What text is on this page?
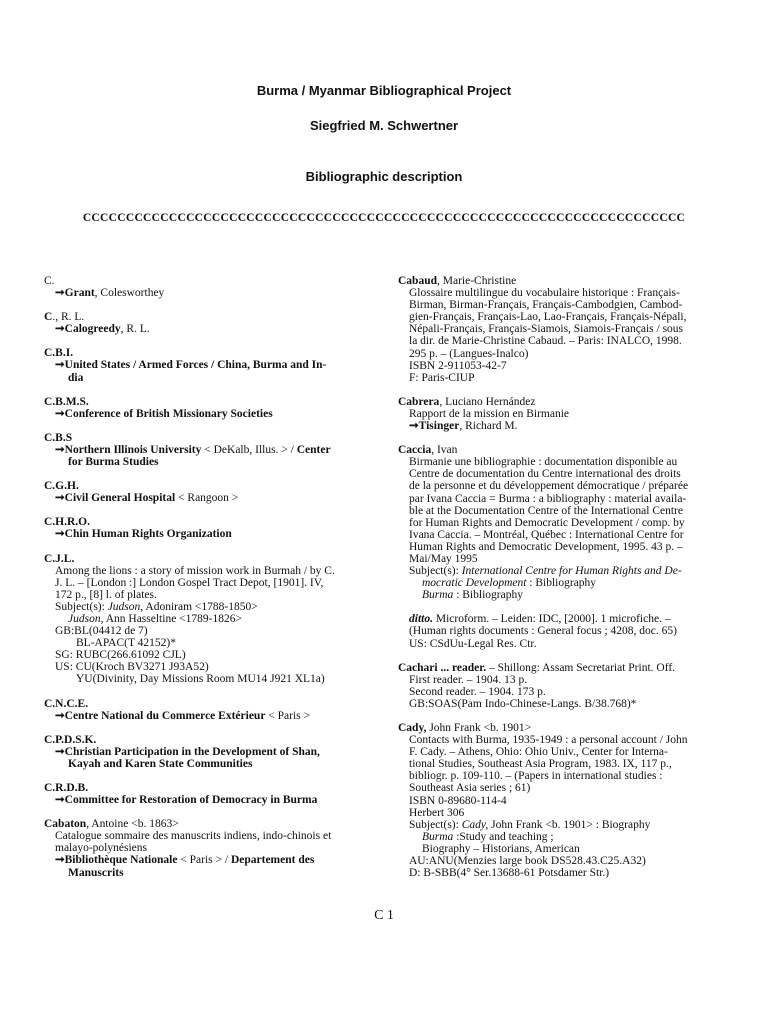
Burma / Myanmar Bibliographical Project
Siegfried M. Schwertner
Bibliographic description
CCCCCCCCCCCCCCCCCCCCCCCCCCCCCCCCCCCCCCCCCCCCCCCCCCCCCCCCCCCCCCCCCCCCCC
C.
➞Grant, Colesworthey
C., R. L.
➞Calogreedy, R. L.
C.B.I.
➞United States / Armed Forces / China, Burma and In-
dia
C.B.M.S.
➞Conference of British Missionary Societies
C.B.S
➞Northern Illinois University < DeKalb, Illus. > / Center
for Burma Studies
C.G.H.
➞Civil General Hospital < Rangoon >
C.H.R.O.
➞Chin Human Rights Organization
C.J.L.
Among the lions : a story of mission work in Burmah / by C.
J. L. – [London :] London Gospel Tract Depot, [1901]. IV,
172 p., [8] l. of plates.
Subject(s): Judson, Adoniram <1788-1850>
Judson, Ann Hasseltine <1789-1826>
GB:BL(04412 de 7)
BL-APAC(T 42152)*
SG: RUBC(266.61092 CJL)
US: CU(Kroch BV3271 J93A52)
YU(Divinity, Day Missions Room MU14 J921 XL1a)
C.N.C.E.
➞Centre National du Commerce Extérieur < Paris >
C.P.D.S.K.
➞Christian Participation in the Development of Shan,
Kayah and Karen State Communities
C.R.D.B.
➞Committee for Restoration of Democracy in Burma
Cabaton, Antoine <b. 1863>
Catalogue sommaire des manuscrits indiens, indo-chinois et
malayo-polynésiens
➞Bibliothèque Nationale < Paris > / Departement des
Manuscrits
Cabaud, Marie-Christine
Glossaire multilingue du vocabulaire historique : Français-
Birman, Birman-Français, Français-Cambodgien, Cambod-
gien-Français, Français-Lao, Lao-Français, Français-Népali,
Népali-Français, Français-Siamois, Siamois-Français / sous
la dir. de Marie-Christine Cabaud. – Paris: INALCO, 1998.
295 p. – (Langues-Inalco)
ISBN 2-911053-42-7
F: Paris-CIUP
Cabrera, Luciano Hernández
Rapport de la mission en Birmanie
➞Tisinger, Richard M.
Caccia, Ivan
Birmanie une bibliographie : documentation disponible au
Centre de documentation du Centre international des droits
de la personne et du développement démocratique / préparée
par Ivana Caccia = Burma : a bibliography : material availa-
ble at the Documentation Centre of the International Centre
for Human Rights and Democratic Development / comp. by
Ivana Caccia. – Montréal, Québec : International Centre for
Human Rights and Democratic Development, 1995. 43 p. –
Mai/May 1995
Subject(s): International Centre for Human Rights and De-
mocratic Development : Bibliography
Burma : Bibliography
ditto. Microform. – Leiden: IDC, [2000]. 1 microfiche. –
(Human rights documents : General focus ; 4208, doc. 65)
US: CSdUu-Legal Res. Ctr.
Cachari ... reader. – Shillong: Assam Secretariat Print. Off.
First reader. – 1904. 13 p.
Second reader. – 1904. 173 p.
GB:SOAS(Pam Indo-Chinese-Langs. B/38.768)*
Cady, John Frank <b. 1901>
Contacts with Burma, 1935-1949 : a personal account / John
F. Cady. – Athens, Ohio: Ohio Univ., Center for Interna-
tional Studies, Southeast Asia Program, 1983. IX, 117 p.,
bibliogr. p. 109-110. – (Papers in international studies :
Southeast Asia series ; 61)
ISBN 0-89680-114-4
Herbert 306
Subject(s): Cady, John Frank <b. 1901> : Biography
Burma :Study and teaching ;
Biography – Historians, American
AU:ANU(Menzies large book DS528.43.C25.A32)
D: B-SBB(4° Ser.13688-61 Potsdamer Str.)
C 1
